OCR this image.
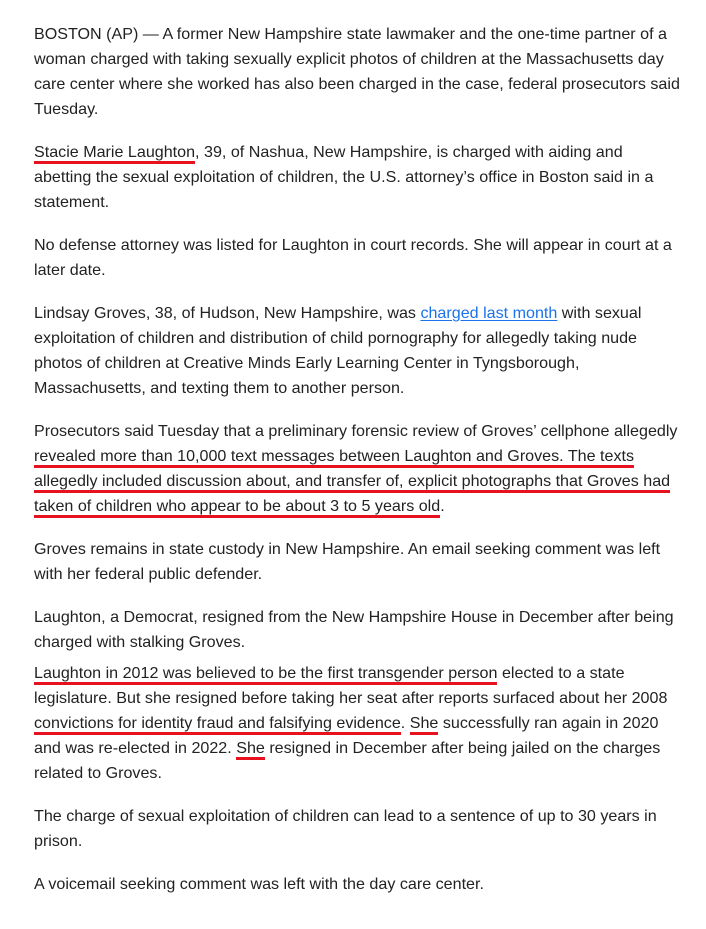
BOSTON (AP) — A former New Hampshire state lawmaker and the one-time partner of a woman charged with taking sexually explicit photos of children at the Massachusetts day care center where she worked has also been charged in the case, federal prosecutors said Tuesday.

Stacie Marie Laughton, 39, of Nashua, New Hampshire, is charged with aiding and abetting the sexual exploitation of children, the U.S. attorney’s office in Boston said in a statement.

No defense attorney was listed for Laughton in court records. She will appear in court at a later date.

Lindsay Groves, 38, of Hudson, New Hampshire, was charged last month with sexual exploitation of children and distribution of child pornography for allegedly taking nude photos of children at Creative Minds Early Learning Center in Tyngsborough, Massachusetts, and texting them to another person.

Prosecutors said Tuesday that a preliminary forensic review of Groves’ cellphone allegedly revealed more than 10,000 text messages between Laughton and Groves. The texts allegedly included discussion about, and transfer of, explicit photographs that Groves had taken of children who appear to be about 3 to 5 years old.

Groves remains in state custody in New Hampshire. An email seeking comment was left with her federal public defender.

Laughton, a Democrat, resigned from the New Hampshire House in December after being charged with stalking Groves.

Laughton in 2012 was believed to be the first transgender person elected to a state legislature. But she resigned before taking her seat after reports surfaced about her 2008 convictions for identity fraud and falsifying evidence. She successfully ran again in 2020 and was re-elected in 2022. She resigned in December after being jailed on the charges related to Groves.

The charge of sexual exploitation of children can lead to a sentence of up to 30 years in prison.

A voicemail seeking comment was left with the day care center.
